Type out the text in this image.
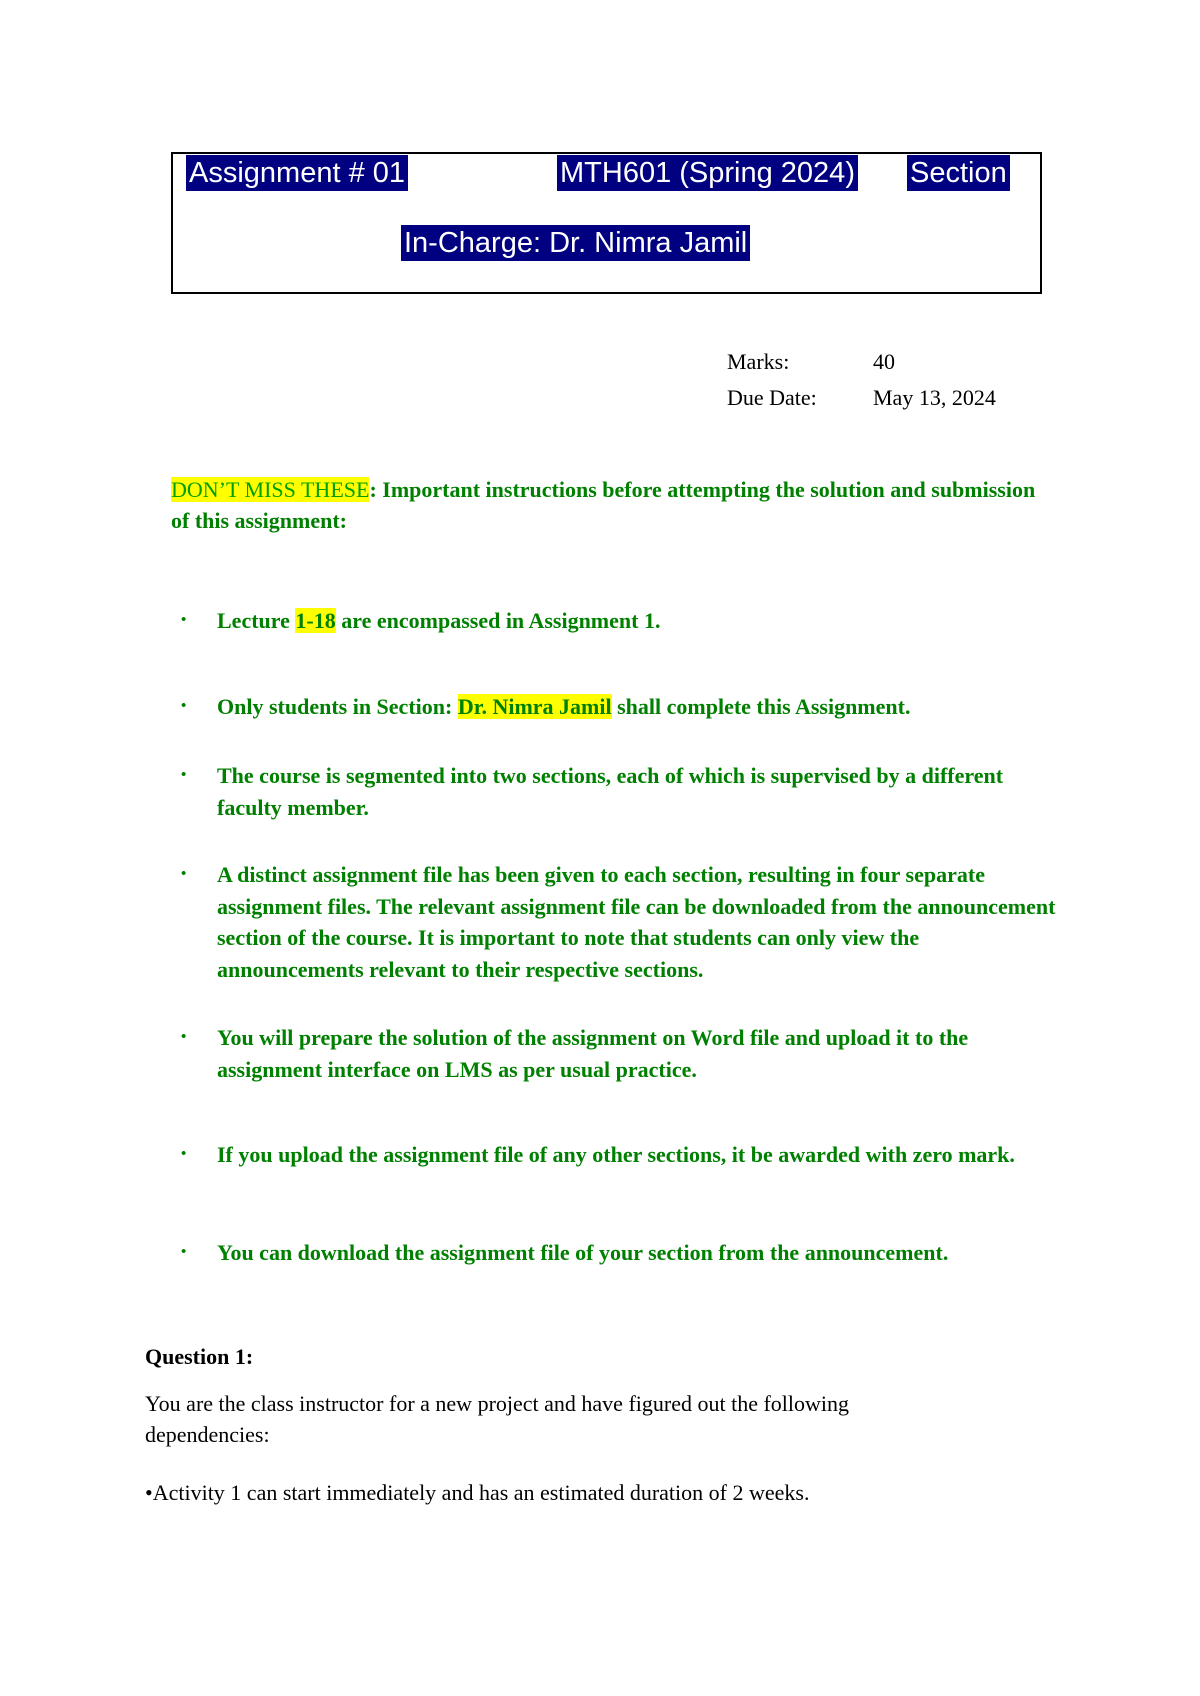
Assignment # 01	MTH601 (Spring 2024) Section
In-Charge: Dr. Nimra Jamil
Marks:	40
Due Date:	May 13, 2024
DON’T MISS THESE: Important instructions before attempting the solution and submission of this assignment:
• Lecture 1-18 are encompassed in Assignment 1.
• Only students in Section: Dr. Nimra Jamil shall complete this Assignment.
• The course is segmented into two sections, each of which is supervised by a different faculty member.
• A distinct assignment file has been given to each section, resulting in four separate assignment files. The relevant assignment file can be downloaded from the announcement section of the course. It is important to note that students can only view the announcements relevant to their respective sections.
• You will prepare the solution of the assignment on Word file and upload it to the assignment interface on LMS as per usual practice.
• If you upload the assignment file of any other sections, it be awarded with zero mark.
• You can download the assignment file of your section from the announcement.
Question 1:
You are the class instructor for a new project and have figured out the following dependencies:
•Activity 1 can start immediately and has an estimated duration of 2 weeks.
